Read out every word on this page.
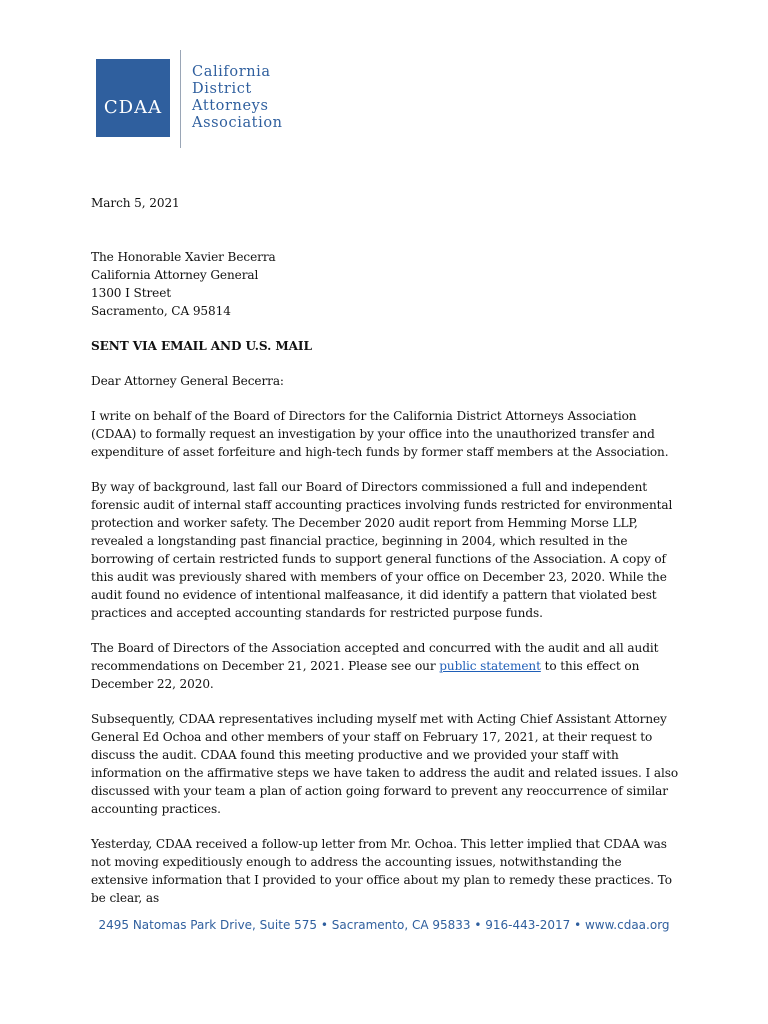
CDAA
California
District
Attorneys
Association

March 5, 2021

The Honorable Xavier Becerra

California Attorney General

1300 I Street

Sacramento, CA 95814

SENT VIA EMAIL AND U.S. MAIL

Dear Attorney General Becerra:

I write on behalf of the Board of Directors for the California District Attorneys Association (CDAA) to formally request an investigation by your office into the unauthorized transfer and expenditure of asset forfeiture and high-tech funds by former staff members at the Association.

By way of background, last fall our Board of Directors commissioned a full and independent forensic audit of internal staff accounting practices involving funds restricted for environmental protection and worker safety. The December 2020 audit report from Hemming Morse LLP, revealed a longstanding past financial practice, beginning in 2004, which resulted in the borrowing of certain restricted funds to support general functions of the Association. A copy of this audit was previously shared with members of your office on December 23, 2020. While the audit found no evidence of intentional malfeasance, it did identify a pattern that violated best practices and accepted accounting standards for restricted purpose funds.

The Board of Directors of the Association accepted and concurred with the audit and all audit recommendations on December 21, 2021. Please see our public statement to this effect on December 22, 2020.

Subsequently, CDAA representatives including myself met with Acting Chief Assistant Attorney General Ed Ochoa and other members of your staff on February 17, 2021, at their request to discuss the audit. CDAA found this meeting productive and we provided your staff with information on the affirmative steps we have taken to address the audit and related issues. I also discussed with your team a plan of action going forward to prevent any reoccurrence of similar accounting practices.

Yesterday, CDAA received a follow-up letter from Mr. Ochoa. This letter implied that CDAA was not moving expeditiously enough to address the accounting issues, notwithstanding the extensive information that I provided to your office about my plan to remedy these practices. To be clear, as

2495 Natomas Park Drive, Suite 575 • Sacramento, CA 95833 • 916-443-2017 • www.cdaa.org
